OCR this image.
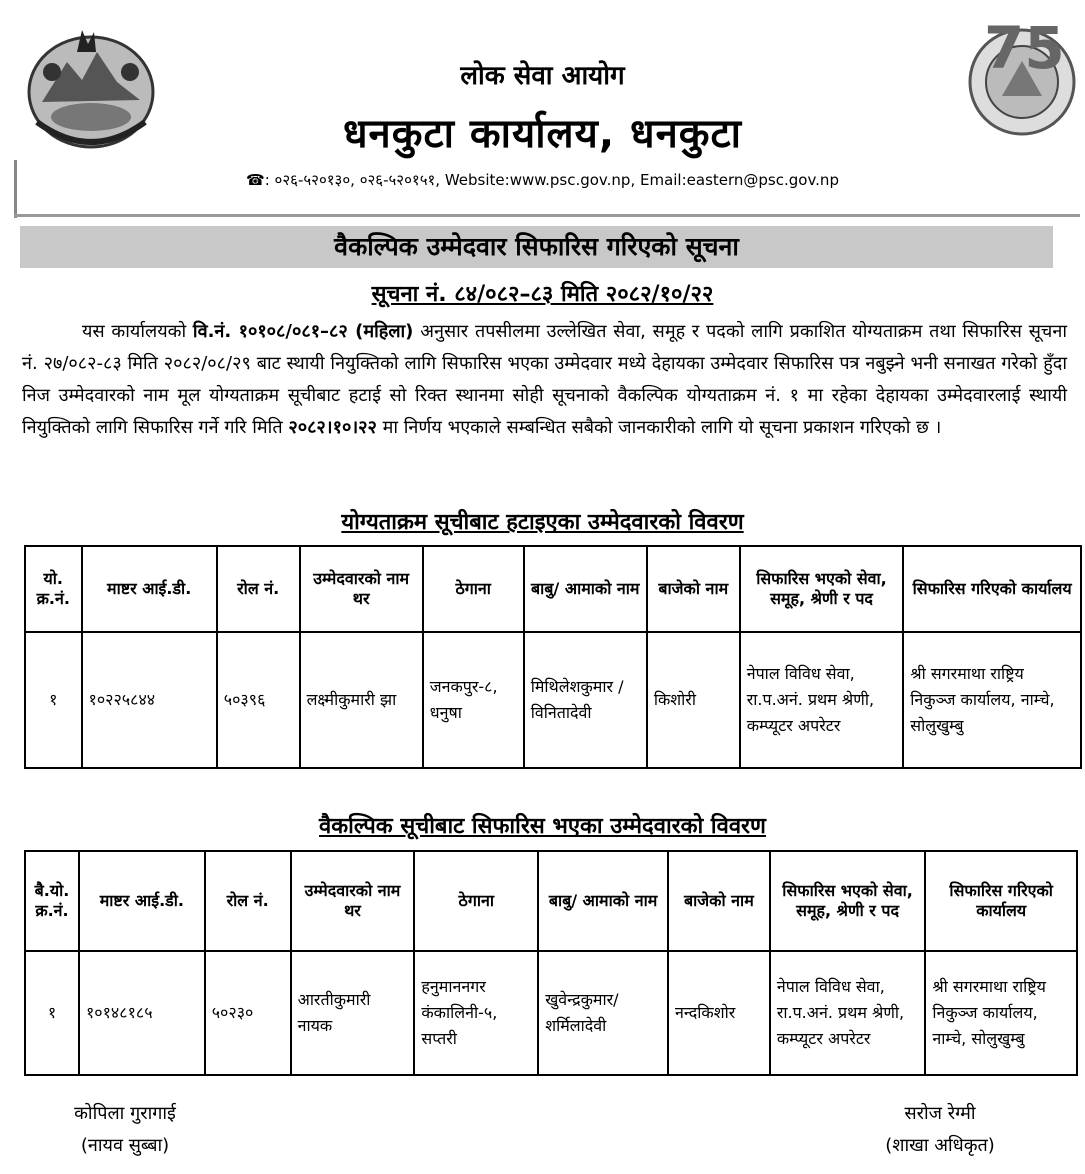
75
लोक सेवा आयोग
धनकुटा कार्यालय, धनकुटा
☎: ०२६-५२०१३०, ०२६-५२०१५१, Website:www.psc.gov.np, Email:eastern@psc.gov.np
वैकल्पिक उम्मेदवार सिफारिस गरिएको सूचना
सूचना नं. ८४/०८२–८३ मिति २०८२/१०/२२
यस कार्यालयको वि.नं. १०१०८/०८१–८२ (महिला) अनुसार तपसीलमा उल्लेखित सेवा, समूह र पदको लागि प्रकाशित योग्यताक्रम तथा सिफारिस सूचना नं. २७/०८२-८३ मिति २०८२/०८/२९ बाट स्थायी नियुक्तिको लागि सिफारिस भएका उम्मेदवार मध्ये देहायका उम्मेदवार सिफारिस पत्र नबुझ्ने भनी सनाखत गरेको हुँदा निज उम्मेदवारको नाम मूल योग्यताक्रम सूचीबाट हटाई सो रिक्त स्थानमा सोही सूचनाको वैकल्पिक योग्यताक्रम नं. १ मा रहेका देहायका उम्मेदवारलाई स्थायी नियुक्तिको लागि सिफारिस गर्ने गरि मिति २०८२।१०।२२ मा निर्णय भएकाले सम्बन्धित सबैको जानकारीको लागि यो सूचना प्रकाशन गरिएको छ ।
योग्यताक्रम सूचीबाट हटाइएका उम्मेदवारको विवरण
यो. क्र.नं.	माष्टर आई.डी.	रोल नं.	उम्मेदवारको नाम थर	ठेगाना	बाबु/ आमाको नाम	बाजेको नाम	सिफारिस भएको सेवा, समूह, श्रेणी र पद	सिफारिस गरिएको कार्यालय
१	१०२२५८४४	५०३९६	लक्ष्मीकुमारी झा	जनकपुर-८, धनुषा	मिथिलेशकुमार / विनितादेवी	किशोरी	नेपाल विविध सेवा, रा.प.अनं. प्रथम श्रेणी, कम्प्यूटर अपरेटर	श्री सगरमाथा राष्ट्रिय निकुञ्ज कार्यालय, नाम्चे, सोलुखुम्बु
वैकल्पिक सूचीबाट सिफारिस भएका उम्मेदवारको विवरण
बै.यो. क्र.नं.	माष्टर आई.डी.	रोल नं.	उम्मेदवारको नाम थर	ठेगाना	बाबु/ आमाको नाम	बाजेको नाम	सिफारिस भएको सेवा, समूह, श्रेणी र पद	सिफारिस गरिएको कार्यालय
१	१०१४८१८५	५०२३०	आरतीकुमारी नायक	हनुमाननगर कंकालिनी-५, सप्तरी	खुवेन्द्रकुमार/ शर्मिलादेवी	नन्दकिशोर	नेपाल विविध सेवा, रा.प.अनं. प्रथम श्रेणी, कम्प्यूटर अपरेटर	श्री सगरमाथा राष्ट्रिय निकुञ्ज कार्यालय, नाम्चे, सोलुखुम्बु
कोपिला गुरागाई
(नायव सुब्बा)
सरोज रेग्मी
(शाखा अधिकृत)
